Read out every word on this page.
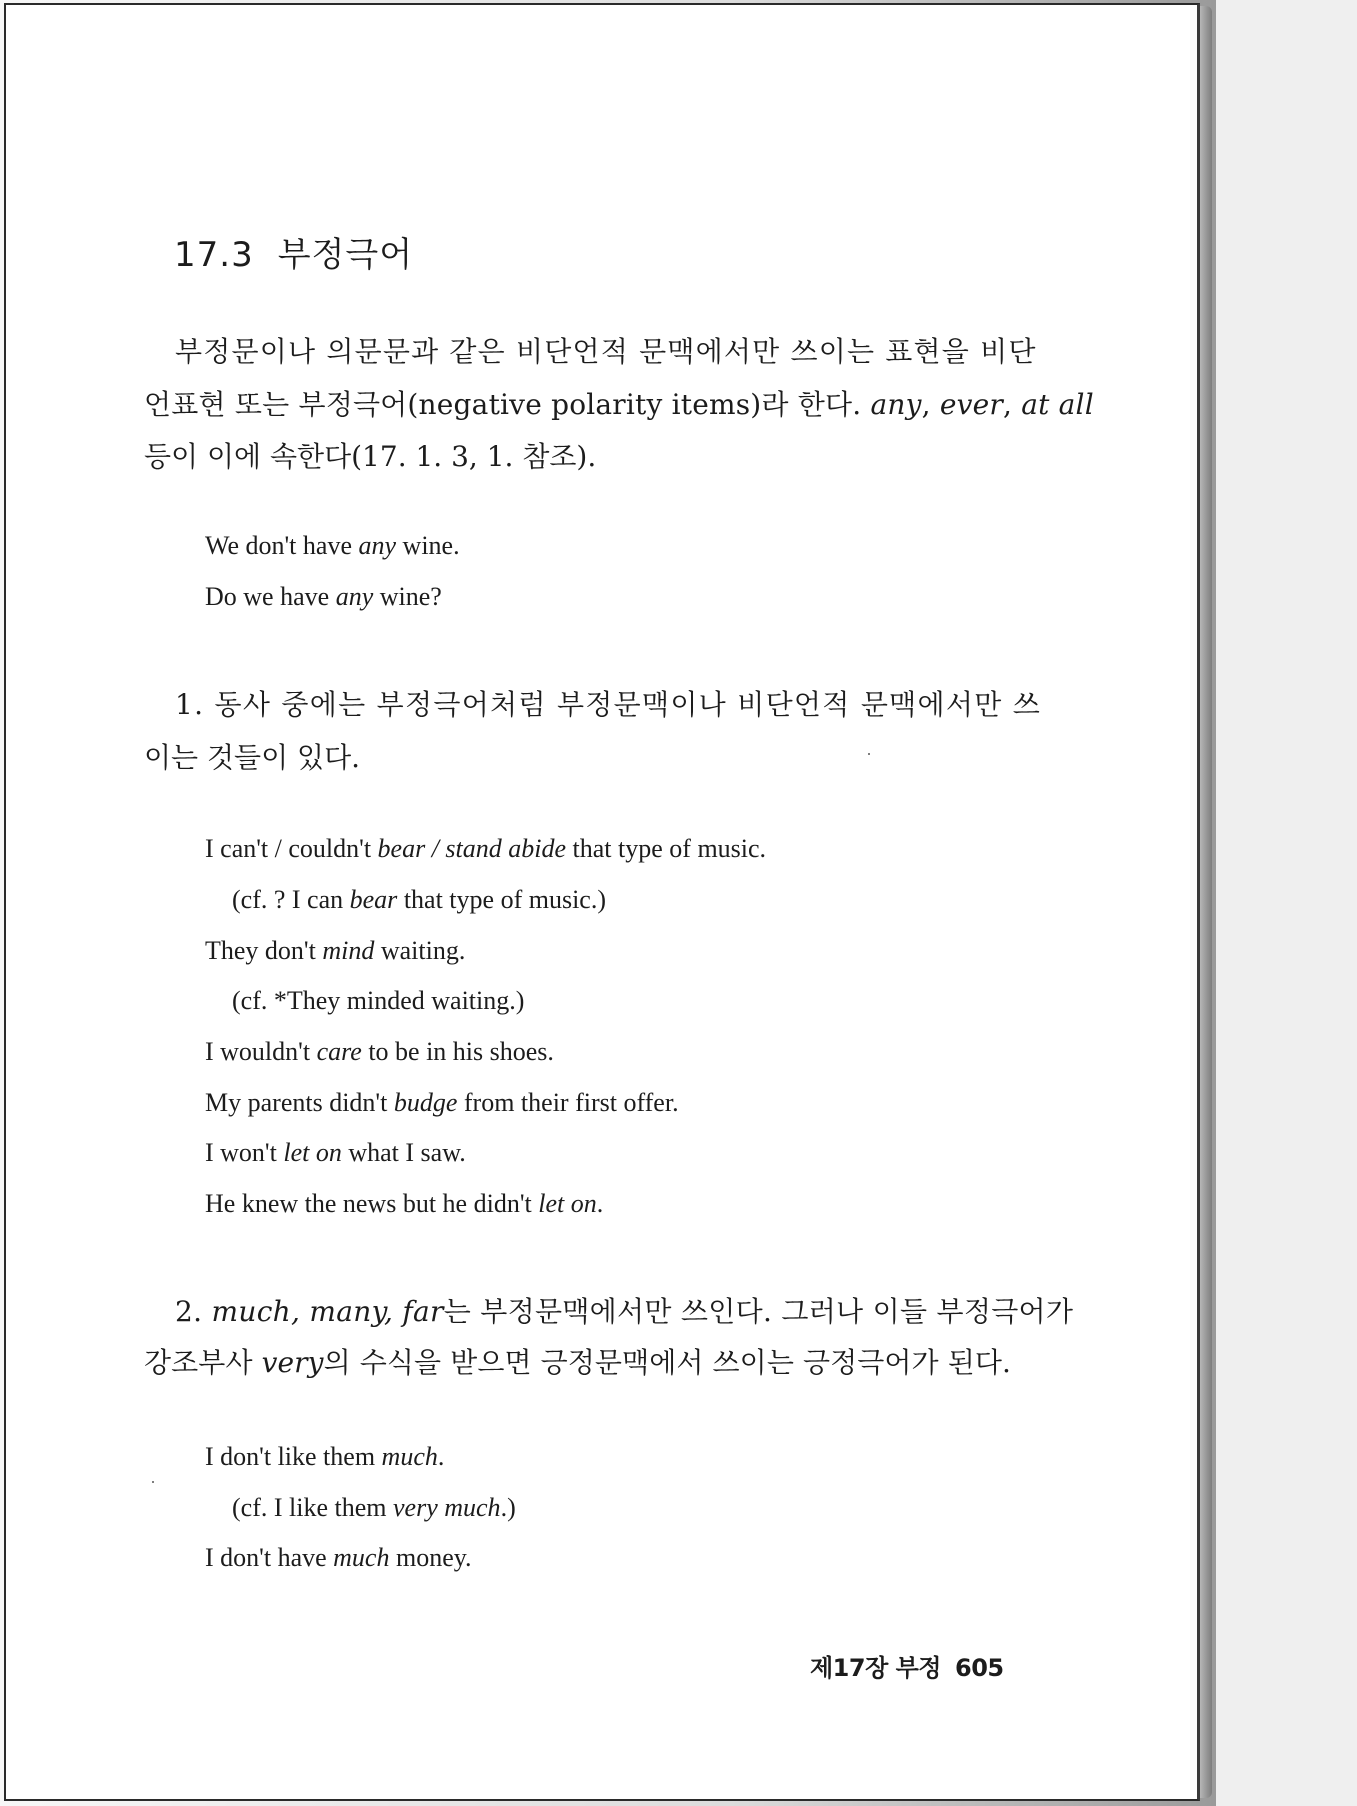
17.3 부정극어

부정문이나 의문문과 같은 비단언적 문맥에서만 쓰이는 표현을 비단

언표현 또는 부정극어(negative polarity items)라 한다. any, ever, at all

등이 이에 속한다(17. 1. 3, 1. 참조).

We don't have any wine.

Do we have any wine?

1. 동사 중에는 부정극어처럼 부정문맥이나 비단언적 문맥에서만 쓰

이는 것들이 있다.

I can't / couldn't bear / stand abide that type of music.

(cf. ? I can bear that type of music.)

They don't mind waiting.

(cf. *They minded waiting.)

I wouldn't care to be in his shoes.

My parents didn't budge from their first offer.

I won't let on what I saw.

He knew the news but he didn't let on.

2. much, many, far는 부정문맥에서만 쓰인다. 그러나 이들 부정극어가

강조부사 very의 수식을 받으면 긍정문맥에서 쓰이는 긍정극어가 된다.

I don't like them much.

(cf. I like them very much.)

I don't have much money.

제17장 부정 605
